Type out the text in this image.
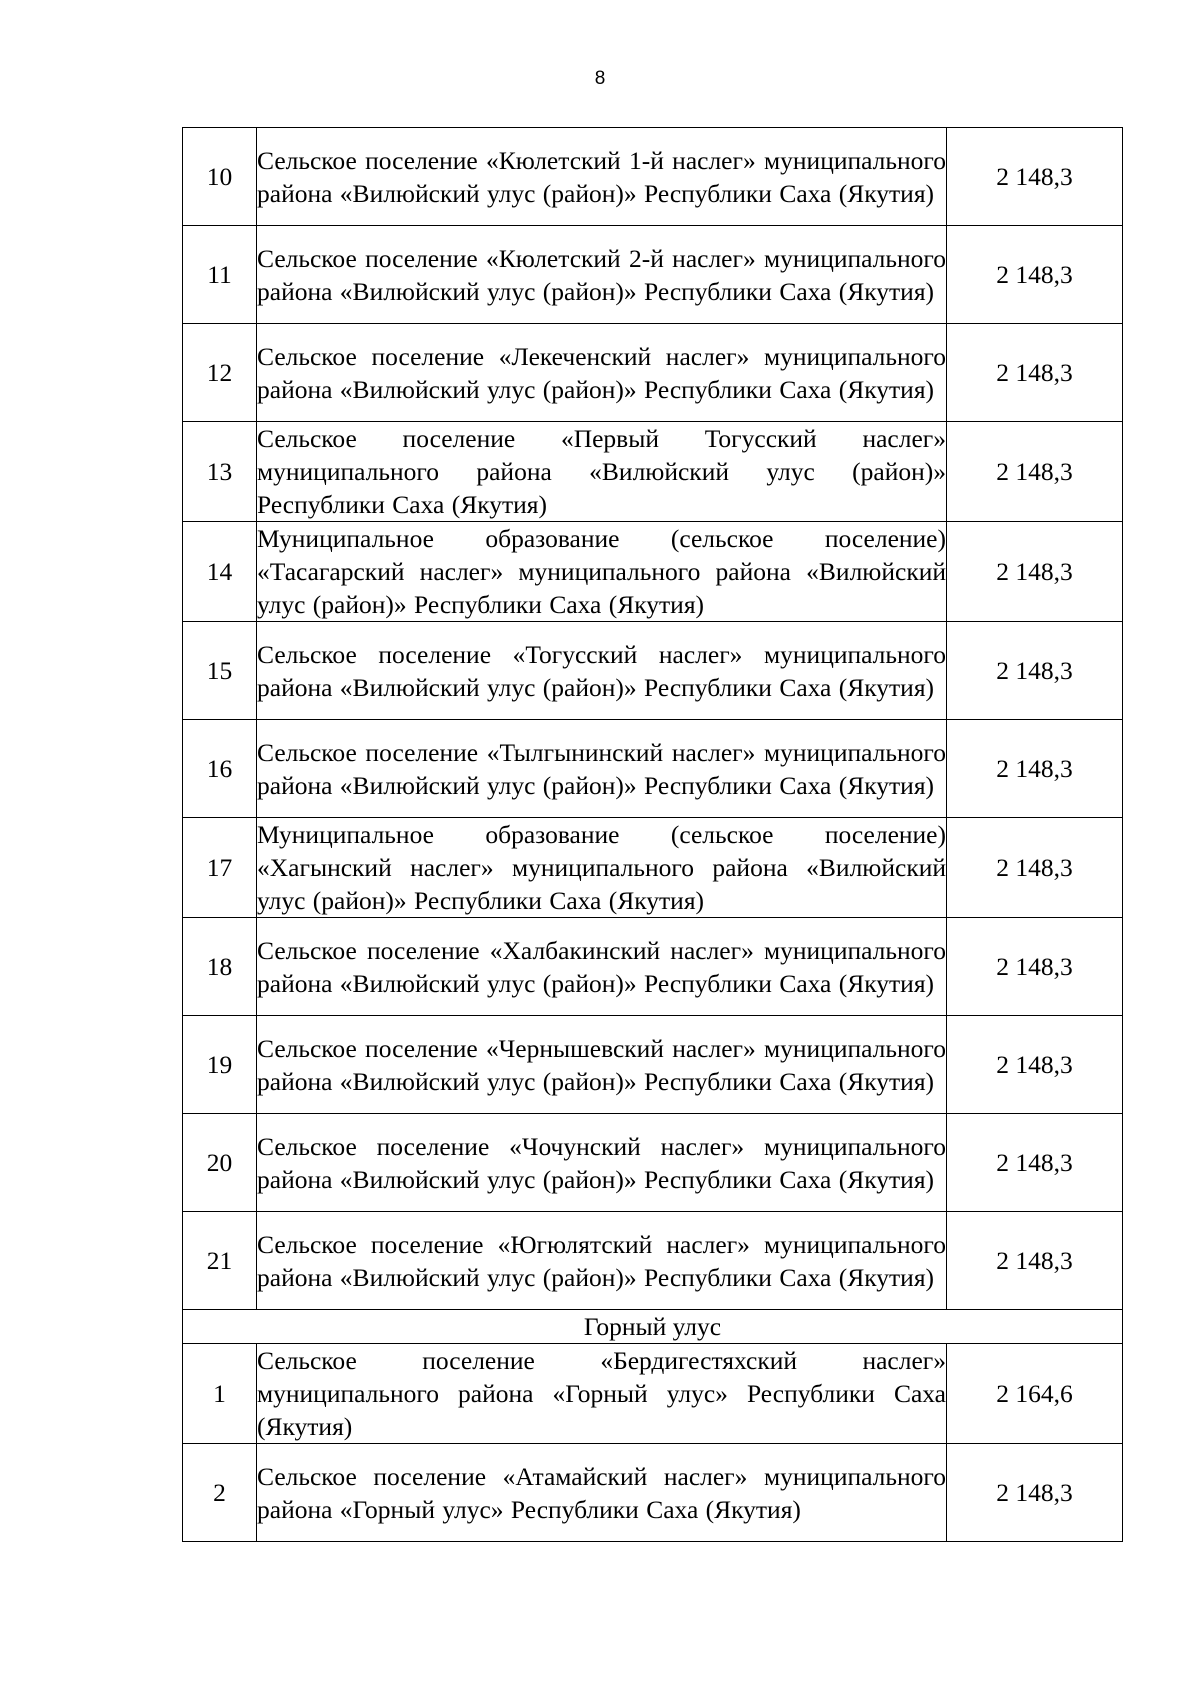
8
10	Сельское поселение «Кюлетский 1-й наслег» муниципального района «Вилюйский улус (район)» Республики Саха (Якутия)	2 148,3
11	Сельское поселение «Кюлетский 2-й наслег» муниципального района «Вилюйский улус (район)» Республики Саха (Якутия)	2 148,3
12	Сельское поселение «Лекеченский наслег» муниципального района «Вилюйский улус (район)» Республики Саха (Якутия)	2 148,3
13	Сельское поселение «Первый Тогусский наслег» муниципального района «Вилюйский улус (район)» Республики Саха (Якутия)	2 148,3
14	Муниципальное образование (сельское поселение) «Тасагарский наслег» муниципального района «Вилюйский улус (район)» Республики Саха (Якутия)	2 148,3
15	Сельское поселение «Тогусский наслег» муниципального района «Вилюйский улус (район)» Республики Саха (Якутия)	2 148,3
16	Сельское поселение «Тылгынинский наслег» муниципального района «Вилюйский улус (район)» Республики Саха (Якутия)	2 148,3
17	Муниципальное образование (сельское поселение) «Хагынский наслег» муниципального района «Вилюйский улус (район)» Республики Саха (Якутия)	2 148,3
18	Сельское поселение «Халбакинский наслег» муниципального района «Вилюйский улус (район)» Республики Саха (Якутия)	2 148,3
19	Сельское поселение «Чернышевский наслег» муниципального района «Вилюйский улус (район)» Республики Саха (Якутия)	2 148,3
20	Сельское поселение «Чочунский наслег» муниципального района «Вилюйский улус (район)» Республики Саха (Якутия)	2 148,3
21	Сельское поселение «Югюлятский наслег» муниципального района «Вилюйский улус (район)» Республики Саха (Якутия)	2 148,3
Горный улус		
1	Сельское поселение «Бердигестяхский наслег» муниципального района «Горный улус» Республики Саха (Якутия)	2 164,6
2	Сельское поселение «Атамайский наслег» муниципального района «Горный улус» Республики Саха (Якутия)	2 148,3
